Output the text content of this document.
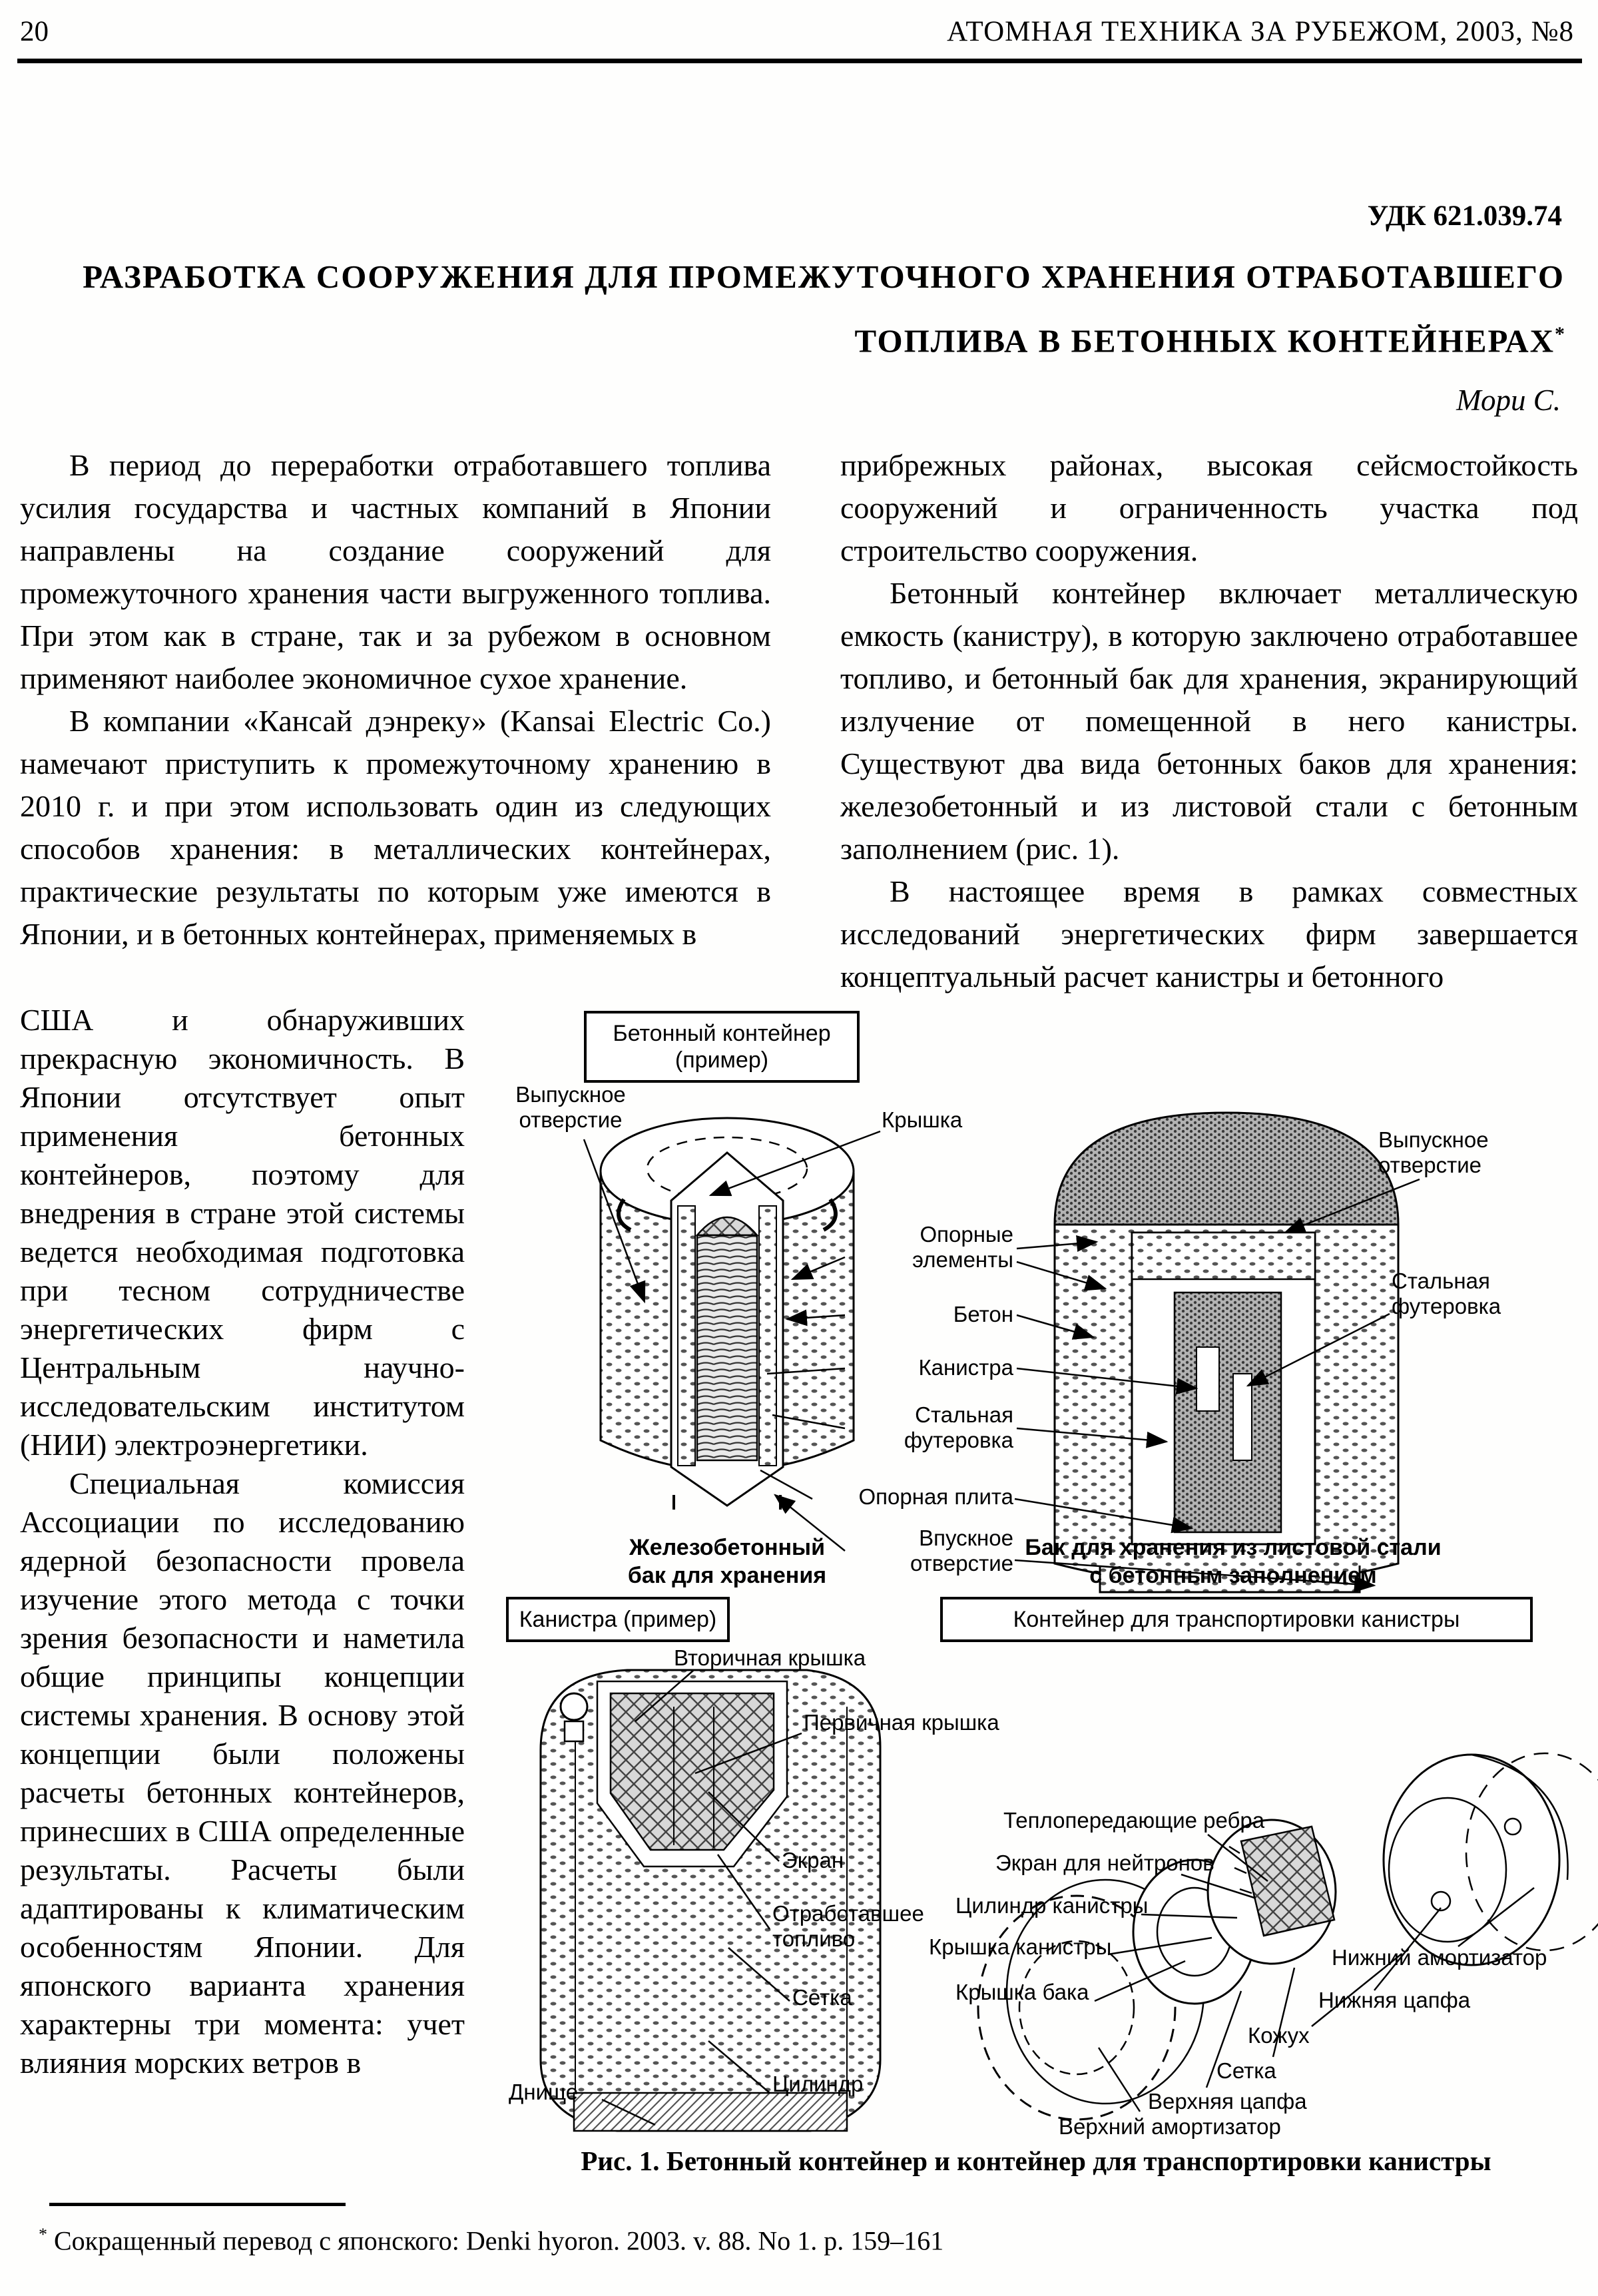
20	АТОМНАЯ ТЕХНИКА ЗА РУБЕЖОМ, 2003, №8
УДК 621.039.74
РАЗРАБОТКА СООРУЖЕНИЯ ДЛЯ ПРОМЕЖУТОЧНОГО ХРАНЕНИЯ ОТРАБОТАВШЕГО
ТОПЛИВА В БЕТОННЫХ КОНТЕЙНЕРАХ*
Мори С.

В период до переработки отработавшего топлива усилия государства и частных компаний в Японии направлены на создание сооружений для промежуточного хранения части выгруженного топлива. При этом как в стране, так и за рубежом в основном применяют наиболее экономичное сухое хранение.

В компании «Кансай дэнреку» (Kansai Electric Co.) намечают приступить к промежуточному хранению в 2010 г. и при этом использовать один из следующих способов хранения: в металлических контейнерах, практические результаты по которым уже имеются в Японии, и в бетонных контейнерах, применяемых в

прибрежных районах, высокая сейсмостойкость сооружений и ограниченность участка под строительство сооружения.

Бетонный контейнер включает металлическую емкость (канистру), в которую заключено отработавшее топливо, и бетонный бак для хранения, экранирующий излучение от помещенной в него канистры. Существуют два вида бетонных баков для хранения: железобетонный и из листовой стали с бетонным заполнением (рис. 1).

В настоящее время в рамках совместных исследований энергетических фирм завершается концептуальный расчет канистры и бетонного

США и обнаруживших прекрасную экономичность. В Японии отсутствует опыт применения бетонных контейнеров, поэтому для внедрения в стране этой системы ведется необходимая подготовка при тесном сотрудничестве энергетических фирм с Центральным научно-исследовательским институтом (НИИ) электроэнергетики.

Специальная комиссия Ассоциации по исследованию ядерной безопасности провела изучение этого метода с точки зрения безопасности и наметила общие принципы концепции системы хранения. В основу этой концепции были положены расчеты бетонных контейнеров, принесших в США определенные результаты. Расчеты были адаптированы к климатическим особенностям Японии. Для японского варианта хранения характерны три момента: учет влияния морских ветров в

Бетонный контейнер (пример)
Канистра (пример)	Контейнер для транспортировки канистры
Выпускное отверстие	Крышка
Выпускное отверстие
Опорные элементы
Бетон
Канистра
Стальная футеровка
Опорная плита
Впускное отверстие
Стальная футеровка
Железобетонный бак для хранения
Бак для хранения из листовой стали с бетонным заполнением
Вторичная крышка
Первичная крышка
Экран
Отработавшее топливо
Сетка
Цилиндр
Днище
Теплопередающие ребра
Экран для нейтронов
Цилиндр канистры
Крышка канистры
Крышка бака
Нижний амортизатор
Нижняя цапфа
Кожух
Сетка
Верхняя цапфа
Верхний амортизатор
Рис. 1. Бетонный контейнер и контейнер для транспортировки канистры
* Сокращенный перевод с японского: Denki hyoron. 2003. v. 88. No 1. p. 159–161
